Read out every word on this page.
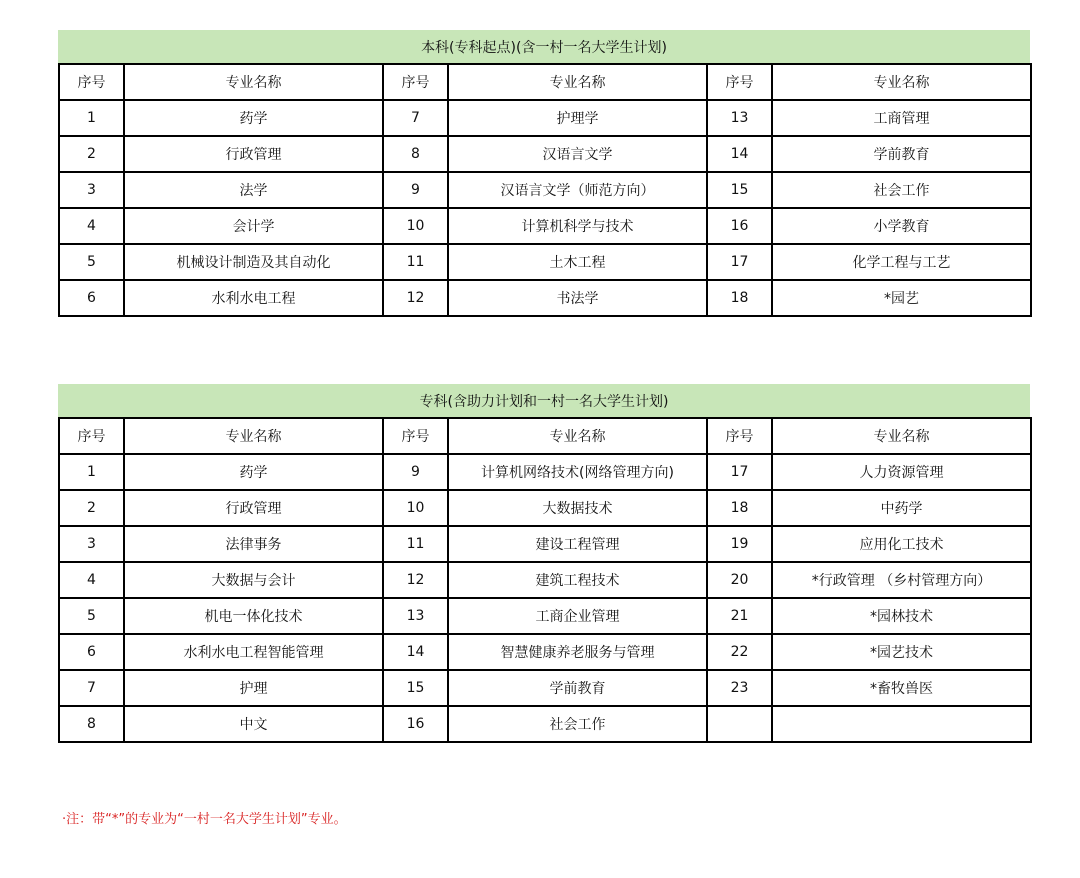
本科(专科起点)(含一村一名大学生计划)
序号	专业名称	序号	专业名称	序号	专业名称
1	药学	7	护理学	13	工商管理
2	行政管理	8	汉语言文学	14	学前教育
3	法学	9	汉语言文学（师范方向）	15	社会工作
4	会计学	10	计算机科学与技术	16	小学教育
5	机械设计制造及其自动化	11	土木工程	17	化学工程与工艺
6	水利水电工程	12	书法学	18	*园艺
专科(含助力计划和一村一名大学生计划)
序号	专业名称	序号	专业名称	序号	专业名称
1	药学	9	计算机网络技术(网络管理方向)	17	人力资源管理
2	行政管理	10	大数据技术	18	中药学
3	法律事务	11	建设工程管理	19	应用化工技术
4	大数据与会计	12	建筑工程技术	20	*行政管理 （乡村管理方向）
5	机电一体化技术	13	工商企业管理	21	*园林技术
6	水利水电工程智能管理	14	智慧健康养老服务与管理	22	*园艺技术
7	护理	15	学前教育	23	*畜牧兽医
8	中文	16	社会工作		
·注：带“*”的专业为“一村一名大学生计划”专业。
